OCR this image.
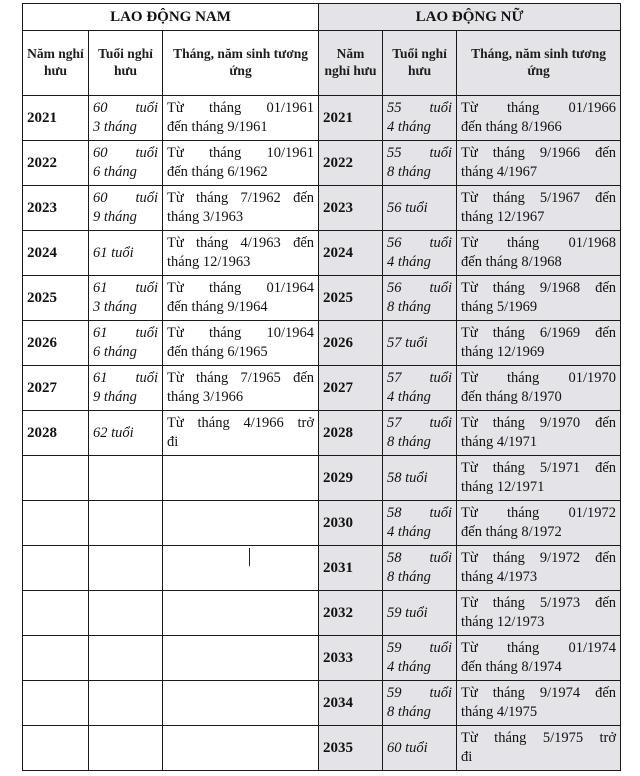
LAO ĐỘNG NAM			LAO ĐỘNG NỮ		
Năm nghỉ hưu	Tuổi nghỉ hưu	Tháng, năm sinh tương ứng	Năm nghỉ hưu	Tuổi nghỉ hưu	Tháng, năm sinh tương ứng
2021	60 tuổi
3 tháng	Từ tháng 01/1961
đến tháng 9/1961	2021	55 tuổi
4 tháng	Từ tháng 01/1966
đến tháng 8/1966

2022	60 tuổi
6 tháng	Từ tháng 10/1961
đến tháng 6/1962	2022	55 tuổi
8 tháng	Từ tháng 9/1966 đến
tháng 4/1967

2023	60 tuổi
9 tháng	Từ tháng 7/1962 đến
tháng 3/1963	2023	56 tuổi	Từ tháng 5/1967 đến
tháng 12/1967

2024	61 tuổi	Từ tháng 4/1963 đến
tháng 12/1963	2024	56 tuổi
4 tháng	Từ tháng 01/1968
đến tháng 8/1968

2025	61 tuổi
3 tháng	Từ tháng 01/1964
đến tháng 9/1964	2025	56 tuổi
8 tháng	Từ tháng 9/1968 đến
tháng 5/1969

2026	61 tuổi
6 tháng	Từ tháng 10/1964
đến tháng 6/1965	2026	57 tuổi	Từ tháng 6/1969 đến
tháng 12/1969

2027	61 tuổi
9 tháng	Từ tháng 7/1965 đến
tháng 3/1966	2027	57 tuổi
4 tháng	Từ tháng 01/1970
đến tháng 8/1970

2028	62 tuổi	Từ tháng 4/1966 trở
đi	2028	57 tuổi
8 tháng	Từ tháng 9/1970 đến
tháng 4/1971

			2029	58 tuổi	Từ tháng 5/1971 đến
tháng 12/1971

			2030	58 tuổi
4 tháng	Từ tháng 01/1972
đến tháng 8/1972

			2031	58 tuổi
8 tháng	Từ tháng 9/1972 đến
tháng 4/1973

			2032	59 tuổi	Từ tháng 5/1973 đến
tháng 12/1973

			2033	59 tuổi
4 tháng	Từ tháng 01/1974
đến tháng 8/1974

			2034	59 tuổi
8 tháng	Từ tháng 9/1974 đến
tháng 4/1975

			2035	60 tuổi	Từ tháng 5/1975 trở
đi
